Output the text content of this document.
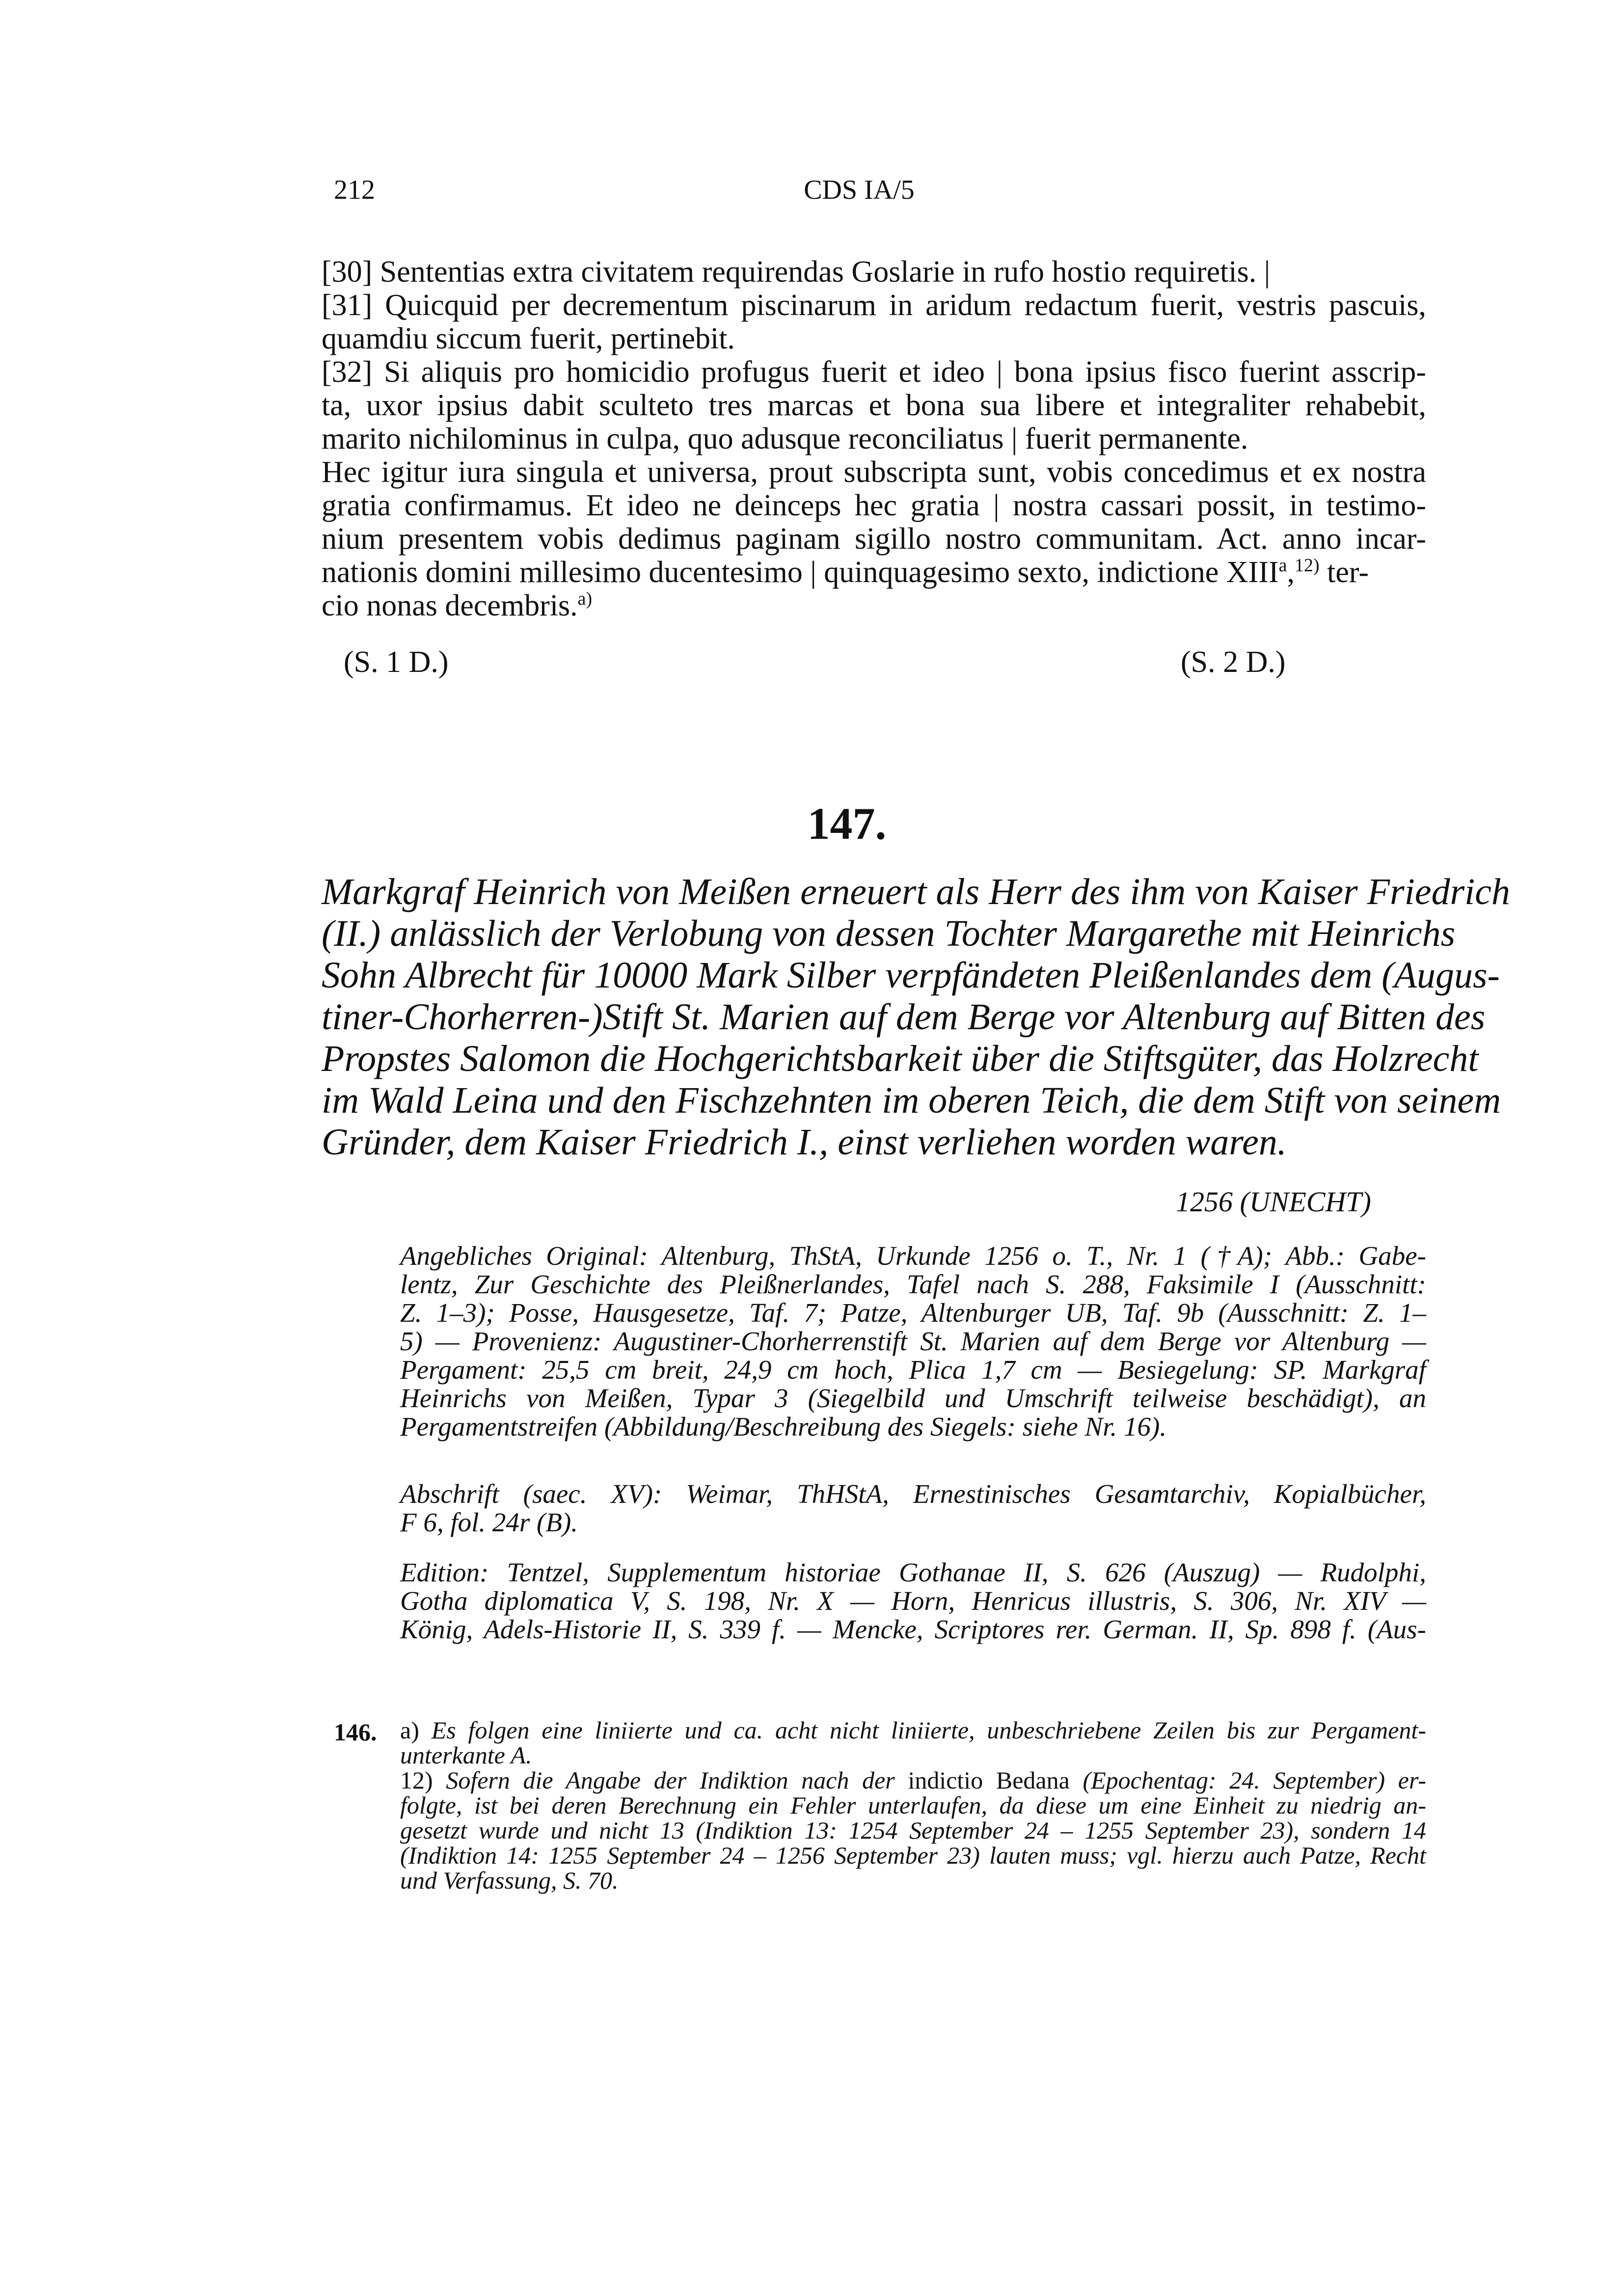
212	CDS IA/5
[30] Sententias extra civitatem requirendas Goslarie in rufo hostio requiretis. |
[31] Quicquid per decrementum piscinarum in aridum redactum fuerit, vestris pascuis,
quamdiu siccum fuerit, pertinebit.
[32] Si aliquis pro homicidio profugus fuerit et ideo | bona ipsius fisco fuerint asscrip-
ta, uxor ipsius dabit sculteto tres marcas et bona sua libere et integraliter rehabebit,
marito nichilominus in culpa, quo adusque reconciliatus | fuerit permanente.
Hec igitur iura singula et universa, prout subscripta sunt, vobis concedimus et ex nostra
gratia confirmamus. Et ideo ne deinceps hec gratia | nostra cassari possit, in testimo-
nium presentem vobis dedimus paginam sigillo nostro communitam. Act. anno incar-
nationis domini millesimo ducentesimo | quinquagesimo sexto, indictione XIII$^a$,$^{12)}$ ter-
cio nonas decembris.$^{a)}$
(S. 1 D.)	(S. 2 D.)
147.
Markgraf Heinrich von Meißen erneuert als Herr des ihm von Kaiser Friedrich
(II.) anlässlich der Verlobung von dessen Tochter Margarethe mit Heinrichs
Sohn Albrecht für 10000 Mark Silber verpfändeten Pleißenlandes dem (Augus-
tiner-Chorherren-)Stift St. Marien auf dem Berge vor Altenburg auf Bitten des
Propstes Salomon die Hochgerichtsbarkeit über die Stiftsgüter, das Holzrecht
im Wald Leina und den Fischzehnten im oberen Teich, die dem Stift von seinem
Gründer, dem Kaiser Friedrich I., einst verliehen worden waren.
1256 (UNECHT)
Angebliches Original: Altenburg, ThStA, Urkunde 1256 o. T., Nr. 1 (†A); Abb.: Gabe-
lentz, Zur Geschichte des Pleißnerlandes, Tafel nach S. 288, Faksimile I (Ausschnitt:
Z. 1–3); Posse, Hausgesetze, Taf. 7; Patze, Altenburger UB, Taf. 9b (Ausschnitt: Z. 1–
5) — Provenienz: Augustiner-Chorherrenstift St. Marien auf dem Berge vor Altenburg —
Pergament: 25,5 cm breit, 24,9 cm hoch, Plica 1,7 cm — Besiegelung: SP. Markgraf
Heinrichs von Meißen, Typar 3 (Siegelbild und Umschrift teilweise beschädigt), an
Pergamentstreifen (Abbildung/Beschreibung des Siegels: siehe Nr. 16).
Abschrift (saec. XV): Weimar, ThHStA, Ernestinisches Gesamtarchiv, Kopialbücher,
F 6, fol. 24r (B).
Edition: Tentzel, Supplementum historiae Gothanae II, S. 626 (Auszug) — Rudolphi,
Gotha diplomatica V, S. 198, Nr. X — Horn, Henricus illustris, S. 306, Nr. XIV —
König, Adels-Historie II, S. 339 f. — Mencke, Scriptores rer. German. II, Sp. 898 f. (Aus-
146. a) Es folgen eine liniierte und ca. acht nicht liniierte, unbeschriebene Zeilen bis zur Pergament-
unterkante A.
12) Sofern die Angabe der Indiktion nach der indictio Bedana (Epochentag: 24. September) er-
folgte, ist bei deren Berechnung ein Fehler unterlaufen, da diese um eine Einheit zu niedrig an-
gesetzt wurde und nicht 13 (Indiktion 13: 1254 September 24 – 1255 September 23), sondern 14
(Indiktion 14: 1255 September 24 – 1256 September 23) lauten muss; vgl. hierzu auch Patze, Recht
und Verfassung, S. 70.
